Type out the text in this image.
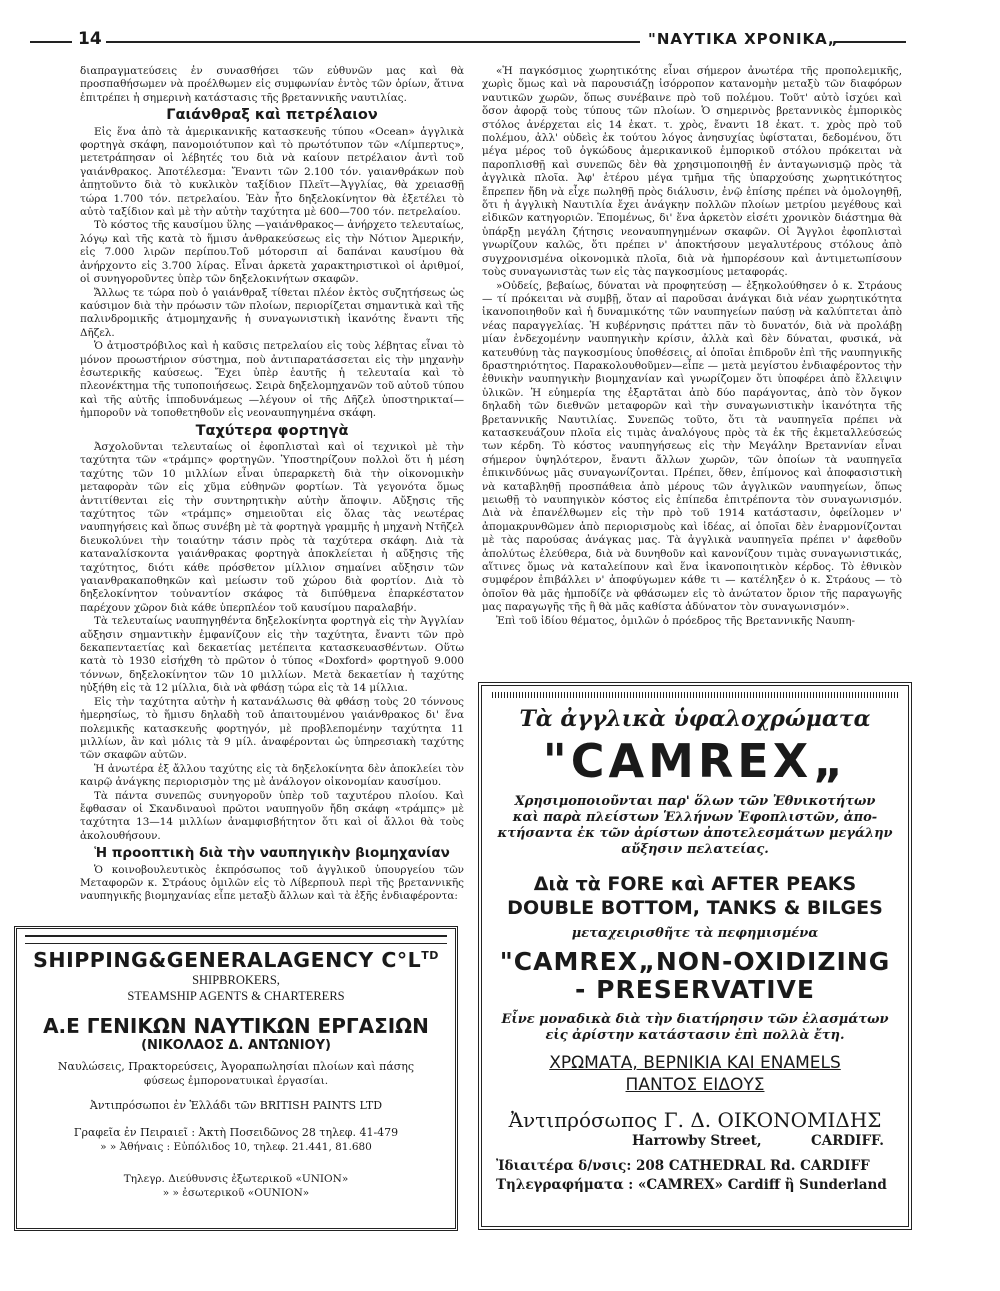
14	"ΝΑΥΤΙΚΑ ΧΡΟΝΙΚΑ„

διαπραγματεύσεις ἐν συνασθήσει τῶν εὐθυνῶν μας καὶ θὰ προσπαθήσωμεν νὰ προέλθωμεν εἰς συμφωνίαν ἐντὸς τῶν ὁρίων, ἅτινα ἐπιτρέπει ἡ σημερινὴ κατάστασις τῆς βρεταννικῆς ναυτιλίας.

Γαιάνθραξ καὶ πετρέλαιον

Εἰς ἕνα ἀπὸ τὰ ἀμερικανικῆς κατασκευῆς τύπου «Ocean» ἀγγλικὰ φορτηγὰ σκάφη, πανομοιότυπον καὶ τὸ πρωτότυπον τῶν «Λίμπερτυς», μετετράπησαν οἱ λέβητές του διὰ νὰ καίουν πετρέλαιον ἀντὶ τοῦ γαιάνθρακος. Ἀποτέλεσμα: Ἔναντι τῶν 2.100 τόν. γαιανθράκων ποὺ ἀπῃτοῦντο διὰ τὸ κυκλικὸν ταξίδιον Πλεϊτ—Ἀγγλίας, θὰ χρειασθῇ τώρα 1.700 τόν. πετρελαίου. Ἐὰν ἦτο δηξελοκίνητον θὰ ἐξετέλει τὸ αὐτὸ ταξίδιον καὶ μὲ τὴν αὐτὴν ταχύτητα μὲ 600—700 τόν. πετρελαίου.

Τὸ κόστος τῆς καυσίμου ὕλης —γαιάνθρακος— ἀνήρχετο τελευταίως, λόγῳ καὶ τῆς κατὰ τὸ ἥμισυ ἀνθρακεύσεως εἰς τὴν Νότιον Ἀμερικήν, εἰς 7.000 λιρῶν περίπου.Τοῦ μότορσιπ αἱ δαπάναι καυσίμου θὰ ἀνήρχοντο εἰς 3.700 λίρας. Εἶναι ἀρκετὰ χαρακτηριστικοὶ οἱ ἀριθμοί, οἱ συνηγοροῦντες ὑπὲρ τῶν δηξελοκινήτων σκαφῶν.

Ἄλλως τε τώρα ποὺ ὁ γαιάνθραξ τίθεται πλέον ἐκτὸς συζητήσεως ὡς καύσιμον διὰ τὴν πρόωσιν τῶν πλοίων, περιορίζεται σημαντικὰ καὶ τῆς παλινδρομικῆς ἀτμομηχανῆς ἡ συναγωνιστικὴ ἱκανότης ἔναντι τῆς Δῆζελ.

Ὁ ἀτμοστρόβιλος καὶ ἡ καῦσις πετρελαίου εἰς τοὺς λέβητας εἶναι τὸ μόνον προωστήριον σύστημα, ποὺ ἀντιπαρατάσσεται εἰς τὴν μηχανὴν ἐσωτερικῆς καύσεως. Ἔχει ὑπὲρ ἑαυτῆς ἡ τελευταία καὶ τὸ πλεονέκτημα τῆς τυποποιήσεως. Σειρὰ δηξελομηχανῶν τοῦ αὐτοῦ τύπου καὶ τῆς αὐτῆς ἱπποδυνάμεως —λέγουν οἱ τῆς Δῆζελ ὑποστηρικταί— ἠμποροῦν νὰ τοποθετηθοῦν εἰς νεοναυπηγημένα σκάφη.

Ταχύτερα φορτηγὰ

Ἀσχολοῦνται τελευταίως οἱ ἐφοπλισταὶ καὶ οἱ τεχνικοὶ μὲ τὴν ταχύτητα τῶν «τράμπς» φορτηγῶν. Ὑποστηρίζουν πολλοὶ ὅτι ἡ μέση ταχύτης τῶν 10 μιλλίων εἶναι ὑπεραρκετὴ διὰ τὴν οἰκονομικὴν μεταφορὰν τῶν εἰς χῦμα εὐθηνῶν φορτίων. Τὰ γεγονότα ὅμως ἀντιτίθενται εἰς τὴν συντηρητικὴν αὐτὴν ἄποψιν. Αὔξησις τῆς ταχύτητος τῶν «τράμπς» σημειοῦται εἰς ὅλας τὰς νεωτέρας ναυπηγήσεις καὶ ὅπως συνέβη μὲ τὰ φορτηγὰ γραμμῆς ἡ μηχανὴ Ντῆζελ διευκολύνει τὴν τοιαύτην τάσιν πρὸς τὰ ταχύτερα σκάφη. Διὰ τὰ καταναλίσκοντα γαιάνθρακας φορτηγὰ ἀποκλείεται ἡ αὔξησις τῆς ταχύτητος, διότι κάθε πρόσθετον μίλλιον σημαίνει αὔξησιν τῶν γαιανθρακαποθηκῶν καὶ μείωσιν τοῦ χώρου διὰ φορτίον. Διὰ τὸ δηξελοκίνητον τοὐναντίον σκάφος τὰ διπύθμενα ἐπαρκέστατον παρέχουν χῶρον διὰ κάθε ὑπερπλέον τοῦ καυσίμου παραλαβήν.

Τὰ τελευταίως ναυπηγηθέντα δηξελοκίνητα φορτηγὰ εἰς τὴν Ἀγγλίαν αὔξησιν σημαντικὴν ἐμφανίζουν εἰς τὴν ταχύτητα, ἔναντι τῶν πρὸ δεκαπενταετίας καὶ δεκαετίας μετέπειτα κατασκευασθέντων. Οὕτω κατὰ τὸ 1930 εἰσήχθη τὸ πρῶτον ὁ τύπος «Doxford» φορτηγοῦ 9.000 τόννων, δηξελοκίνητον τῶν 10 μιλλίων. Μετὰ δεκαετίαν ἡ ταχύτης ηὐξήθη εἰς τὰ 12 μίλλια, διὰ νὰ φθάσῃ τώρα εἰς τὰ 14 μίλλια.

Εἰς τὴν ταχύτητα αὐτὴν ἡ κατανάλωσις θὰ φθάσῃ τοὺς 20 τόννους ἡμερησίως, τὸ ἥμισυ δηλαδὴ τοῦ ἀπαιτουμένου γαιάνθρακος δι' ἕνα πολεμικῆς κατασκευῆς φορτηγόν, μὲ προβλεπομένην ταχύτητα 11 μιλλίων, ἂν καὶ μόλις τὰ 9 μίλ. ἀναφέρονται ὡς ὑπηρεσιακὴ ταχύτης τῶν σκαφῶν αὐτῶν.

Ἡ ἀνωτέρα ἐξ ἄλλου ταχύτης εἰς τὰ δηξελοκίνητα δὲν ἀποκλείει τὸν καιρῷ ἀνάγκης περιορισμὸν της μὲ ἀνάλογον οἰκονομίαν καυσίμου.

Τὰ πάντα συνεπῶς συνηγοροῦν ὑπὲρ τοῦ ταχυτέρου πλοίου. Καὶ ἔφθασαν οἱ Σκανδιναυοὶ πρῶτοι ναυπηγοῦν ἤδη σκάφη «τράμπς» μὲ ταχύτητα 13—14 μιλλίων ἀναμφισβήτητον ὅτι καὶ οἱ ἄλλοι θὰ τοὺς ἀκολουθήσουν.

Ἡ προοπτικὴ διὰ τὴν ναυπηγικὴν βιομηχανίαν

Ὁ κοινοβουλευτικὸς ἐκπρόσωπος τοῦ ἀγγλικοῦ ὑπουργείου τῶν Μεταφορῶν κ. Στράους ὁμιλῶν εἰς τὸ Λίβερπουλ περὶ τῆς βρεταννικῆς ναυπηγικῆς βιομηχανίας εἶπε μεταξὺ ἄλλων καὶ τὰ ἑξῆς ἐνδιαφέροντα:

«Ἡ παγκόσμιος χωρητικότης εἶναι σήμερον ἀνωτέρα τῆς προπολεμικῆς, χωρὶς ὅμως καὶ νὰ παρουσιάζῃ ἰσόρροπον κατανομὴν μεταξὺ τῶν διαφόρων ναυτικῶν χωρῶν, ὅπως συνέβαινε πρὸ τοῦ πολέμου. Τοῦτ' αὐτὸ ἰσχύει καὶ ὅσον ἀφορᾷ τοὺς τύπους τῶν πλοίων. Ὁ σημερινὸς βρεταννικὸς ἐμπορικὸς στόλος ἀνέρχεται εἰς 14 ἑκατ. τ. χρὸς, ἔναντι 18 ἑκατ. τ. χρὸς πρὸ τοῦ πολέμου, ἀλλ' οὐδεὶς ἐκ τούτου λόγος ἀνησυχίας ὑφίσταται, δεδομένου, ὅτι μέγα μέρος τοῦ ὀγκώδους ἀμερικανικοῦ ἐμπορικοῦ στόλου πρόκειται νὰ παροπλισθῇ καὶ συνεπῶς δὲν θὰ χρησιμοποιηθῇ ἐν ἀνταγωνισμῷ πρὸς τὰ ἀγγλικὰ πλοῖα. Ἀφ' ἑτέρου μέγα τμῆμα τῆς ὑπαρχούσης χωρητικότητος ἔπρεπεν ἤδη νὰ εἶχε πωληθῇ πρὸς διάλυσιν, ἐνῷ ἐπίσης πρέπει νὰ ὁμολογηθῇ, ὅτι ἡ ἀγγλικὴ Ναυτιλία ἔχει ἀνάγκην πολλῶν πλοίων μετρίου μεγέθους καὶ εἰδικῶν κατηγοριῶν. Ἑπομένως, δι' ἕνα ἀρκετὸν εἰσέτι χρονικὸν διάστημα θὰ ὑπάρξῃ μεγάλη ζήτησις νεοναυπηγημένων σκαφῶν. Οἱ Ἄγγλοι ἐφοπλισταὶ γνωρίζουν καλῶς, ὅτι πρέπει ν' ἀποκτήσουν μεγαλυτέρους στόλους ἀπὸ συγχρονισμένα οἰκονομικὰ πλοῖα, διὰ νὰ ἠμπορέσουν καὶ ἀντιμετωπίσουν τοὺς συναγωνιστὰς των εἰς τὰς παγκοσμίους μεταφοράς.

»Οὐδείς, βεβαίως, δύναται νὰ προφητεύσῃ — ἐξηκολούθησεν ὁ κ. Στράους — τί πρόκειται νὰ συμβῇ, ὅταν αἱ παροῦσαι ἀνάγκαι διὰ νέαν χωρητικότητα ἱκανοποιηθοῦν καὶ ἡ δυναμικότης τῶν ναυπηγείων παύσῃ νὰ καλύπτεται ἀπὸ νέας παραγγελίας. Ἡ κυβέρνησις πράττει πᾶν τὸ δυνατόν, διὰ νὰ προλάβῃ μίαν ἐνδεχομένην ναυπηγικὴν κρίσιν, ἀλλὰ καὶ δὲν δύναται, φυσικά, νὰ κατευθύνῃ τὰς παγκοσμίους ὑποθέσεις, αἱ ὁποῖαι ἐπιδροῦν ἐπὶ τῆς ναυπηγικῆς δραστηριότητος. Παρακολουθοῦμεν—εἶπε — μετὰ μεγίστου ἐνδιαφέροντος τὴν ἐθνικὴν ναυπηγικὴν βιομηχανίαν καὶ γνωρίζομεν ὅτι ὑποφέρει ἀπὸ ἔλλειψιν ὑλικῶν. Ἡ εὐημερία της ἐξαρτᾶται ἀπὸ δύο παράγοντας, ἀπὸ τὸν ὄγκον δηλαδὴ τῶν διεθνῶν μεταφορῶν καὶ τὴν συναγωνιστικὴν ἱκανότητα τῆς βρεταννικῆς Ναυτιλίας. Συνεπῶς τοῦτο, ὅτι τὰ ναυπηγεῖα πρέπει νὰ κατασκευάζουν πλοῖα εἰς τιμὰς ἀναλόγους πρὸς τὰ ἐκ τῆς ἐκμεταλλεύσεώς των κέρδη. Τὸ κόστος ναυπηγήσεως εἰς τὴν Μεγάλην Βρεταννίαν εἶναι σήμερον ὑψηλότερον, ἔναντι ἄλλων χωρῶν, τῶν ὁποίων τὰ ναυπηγεῖα ἐπικινδύνως μᾶς συναγωνίζονται. Πρέπει, ὅθεν, ἐπίμονος καὶ ἀποφασιστικὴ νὰ καταβληθῇ προσπάθεια ἀπὸ μέρους τῶν ἀγγλικῶν ναυπηγείων, ὅπως μειωθῇ τὸ ναυπηγικὸν κόστος εἰς ἐπίπεδα ἐπιτρέποντα τὸν συναγωνισμόν. Διὰ νὰ ἐπανέλθωμεν εἰς τὴν πρὸ τοῦ 1914 κατάστασιν, ὀφείλομεν ν' ἀπομακρυνθῶμεν ἀπὸ περιορισμοὺς καὶ ἰδέας, αἱ ὁποῖαι δὲν ἐναρμονίζονται μὲ τὰς παρούσας ἀνάγκας μας. Τὰ ἀγγλικὰ ναυπηγεῖα πρέπει ν' ἀφεθοῦν ἀπολύτως ἐλεύθερα, διὰ νὰ δυνηθοῦν καὶ κανονίζουν τιμὰς συναγωνιστικάς, αἵτινες ὅμως νὰ καταλείπουν καὶ ἕνα ἱκανοποιητικὸν κέρδος. Τὸ ἐθνικὸν συμφέρον ἐπιβάλλει ν' ἀποφύγωμεν κάθε τι — κατέληξεν ὁ κ. Στράους — τὸ ὁποῖον θὰ μᾶς ἠμποδίζε νὰ φθάσωμεν εἰς τὸ ἀνώτατον ὅριον τῆς παραγωγῆς μας παραγωγῆς τῆς ἢ θὰ μᾶς καθίστα ἀδύνατον τὸν συναγωνισμόν».

Ἐπὶ τοῦ ἰδίου θέματος, ὁμιλῶν ὁ πρόεδρος τῆς Βρεταννικῆς Ναυπη-

SHIPPING&GENERALAGENCY $C^\circ L^{TD}$
SHIPBROKERS,
STEAMSHIP AGENTS & CHARTERERS
Α.Ε ΓΕΝΙΚΩΝ ΝΑΥΤΙΚΩΝ ΕΡΓΑΣΙΩΝ
(ΝΙΚΟΛΑΟΣ Δ. ΑΝΤΩΝΙΟΥ)
Ναυλώσεις, Πρακτορεύσεις, Ἀγοραπωλησίαι πλοίων καὶ πάσης
φύσεως ἐμπορονατυικαὶ ἐργασίαι.
Ἀντιπρόσωποι ἐν Ἑλλάδι τῶν BRITISH PAINTS LTD
Γραφεῖα ἐν Πειραιεῖ : Ἀκτὴ Ποσειδῶνος 28 τηλεφ. 41-479
» » Ἀθήναις : Εὐπόλιδος 10, τηλεφ. 21.441, 81.680
Τηλεγρ. Διεύθυνσις ἐξωτερικοῦ «UNION»
» » ἐσωτερικοῦ «OUNION»
Τὰ ἀγγλικὰ ὑφαλοχρώματα
"CAMREX„
Χρησιμοποιοῦνται παρ' ὅλων τῶν Ἐθνικοτήτων
καὶ παρὰ πλείστων Ἑλλήνων Ἐφοπλιστῶν, ἀπο-
κτήσαντα ἐκ τῶν ἀρίστων ἀποτελεσμάτων μεγάλην
αὔξησιν πελατείας.
Διὰ τὰ FORE καὶ AFTER PEAKS
DOUBLE BOTTOM, TANKS & BILGES
μεταχειρισθῆτε τὰ πεφημισμένα
"CAMREX„NON-OXIDIZING
- PRESERVATIVE
Εἶνε μοναδικὰ διὰ τὴν διατήρησιν τῶν ἐλασμάτων
εἰς ἀρίστην κατάστασιν ἐπὶ πολλὰ ἔτη.
ΧΡΩΜΑΤΑ, ΒΕΡΝΙΚΙΑ ΚΑΙ ENAMELS
ΠΑΝΤΟΣ ΕΙΔΟΥΣ
Ἀντιπρόσωπος Γ. Δ. ΟΙΚΟΝΟΜΙΔΗΣ
Harrowby Street,	CARDIFF.
Ἰδιαιτέρα δ/νσις: 208 CATHEDRAL Rd. CARDIFF
Τηλεγραφήματα : «CAMREX» Cardiff ἢ Sunderland
